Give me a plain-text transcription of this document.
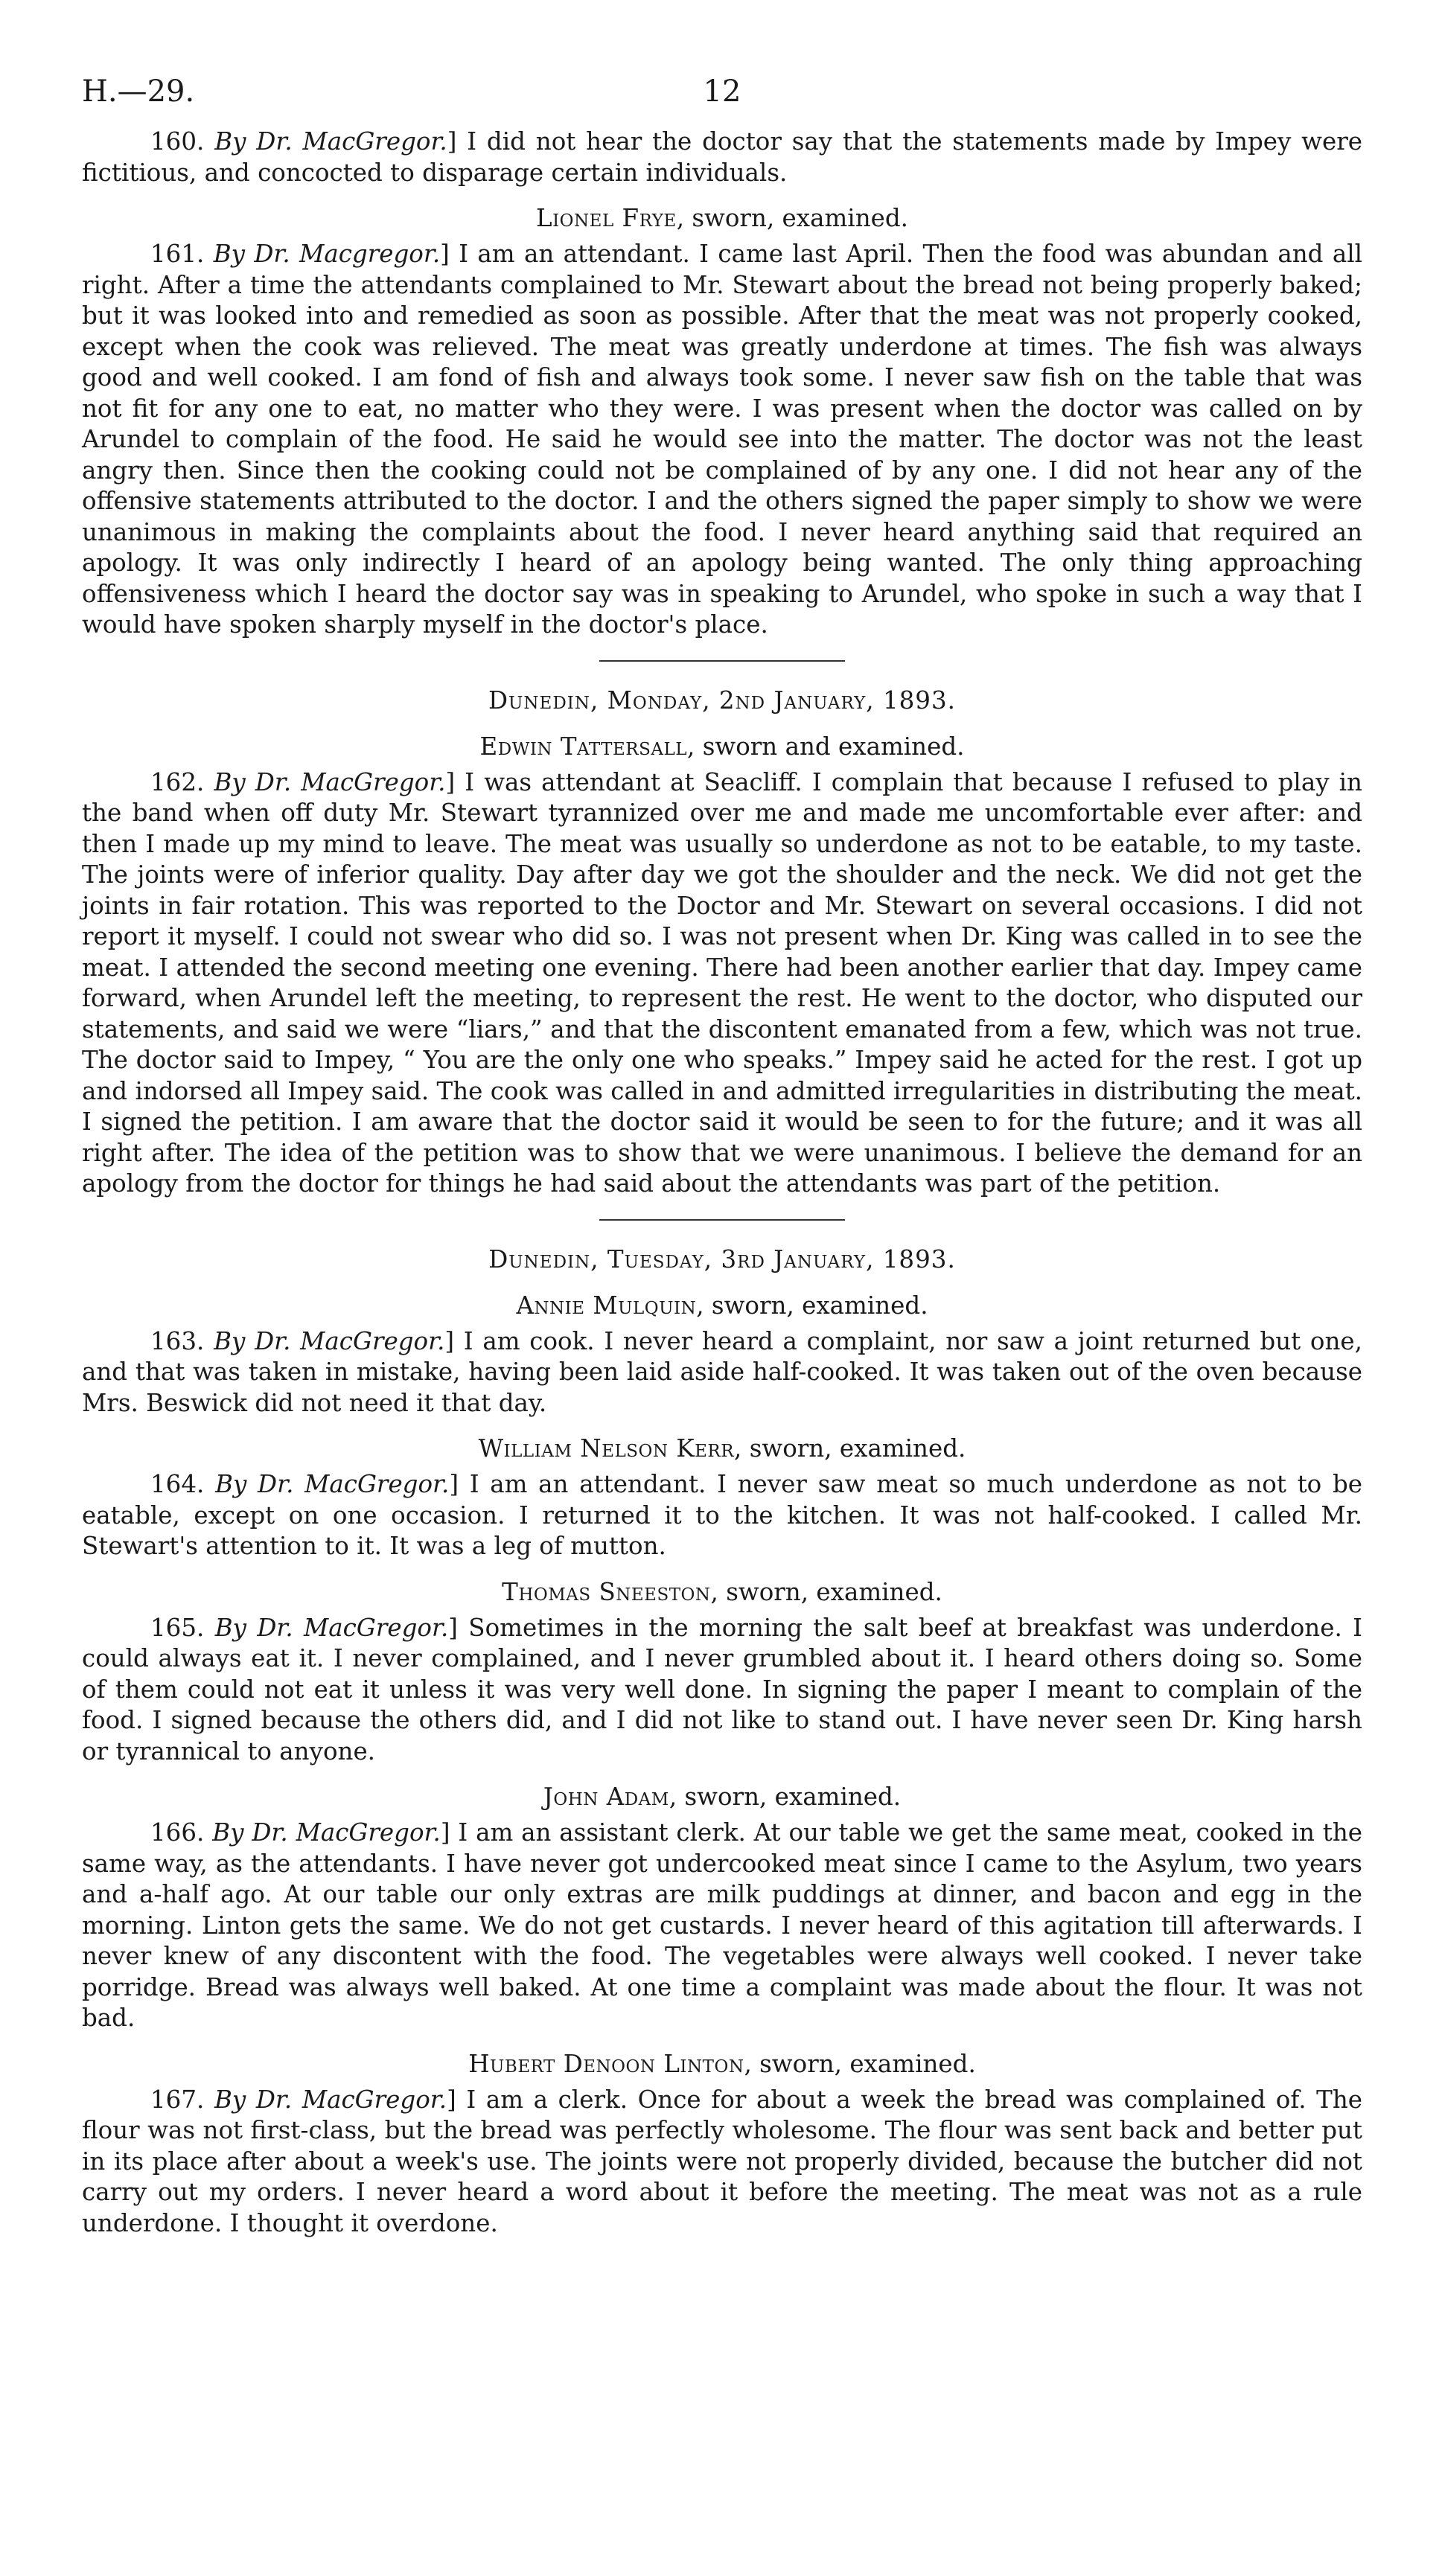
H.—29.	12

160. By Dr. MacGregor.] I did not hear the doctor say that the statements made by Impey were fictitious, and concocted to disparage certain individuals.

Lionel Frye, sworn, examined.

161. By Dr. Macgregor.] I am an attendant. I came last April. Then the food was abundan and all right. After a time the attendants complained to Mr. Stewart about the bread not being properly baked; but it was looked into and remedied as soon as possible. After that the meat was not properly cooked, except when the cook was relieved. The meat was greatly underdone at times. The fish was always good and well cooked. I am fond of fish and always took some. I never saw fish on the table that was not fit for any one to eat, no matter who they were. I was present when the doctor was called on by Arundel to complain of the food. He said he would see into the matter. The doctor was not the least angry then. Since then the cooking could not be complained of by any one. I did not hear any of the offensive statements attributed to the doctor. I and the others signed the paper simply to show we were unanimous in making the complaints about the food. I never heard anything said that required an apology. It was only indirectly I heard of an apology being wanted. The only thing approaching offensiveness which I heard the doctor say was in speaking to Arundel, who spoke in such a way that I would have spoken sharply myself in the doctor's place.

Dunedin, Monday, 2nd January, 1893.
Edwin Tattersall, sworn and examined.

162. By Dr. MacGregor.] I was attendant at Seacliff. I complain that because I refused to play in the band when off duty Mr. Stewart tyrannized over me and made me uncomfortable ever after: and then I made up my mind to leave. The meat was usually so underdone as not to be eatable, to my taste. The joints were of inferior quality. Day after day we got the shoulder and the neck. We did not get the joints in fair rotation. This was reported to the Doctor and Mr. Stewart on several occasions. I did not report it myself. I could not swear who did so. I was not present when Dr. King was called in to see the meat. I attended the second meeting one evening. There had been another earlier that day. Impey came forward, when Arundel left the meeting, to represent the rest. He went to the doctor, who disputed our statements, and said we were “liars,” and that the discontent emanated from a few, which was not true. The doctor said to Impey, “ You are the only one who speaks.” Impey said he acted for the rest. I got up and indorsed all Impey said. The cook was called in and admitted irregularities in distributing the meat. I signed the petition. I am aware that the doctor said it would be seen to for the future; and it was all right after. The idea of the petition was to show that we were unanimous. I believe the demand for an apology from the doctor for things he had said about the attendants was part of the petition.

Dunedin, Tuesday, 3rd January, 1893.
Annie Mulquin, sworn, examined.

163. By Dr. MacGregor.] I am cook. I never heard a complaint, nor saw a joint returned but one, and that was taken in mistake, having been laid aside half-cooked. It was taken out of the oven because Mrs. Beswick did not need it that day.

William Nelson Kerr, sworn, examined.

164. By Dr. MacGregor.] I am an attendant. I never saw meat so much underdone as not to be eatable, except on one occasion. I returned it to the kitchen. It was not half-cooked. I called Mr. Stewart's attention to it. It was a leg of mutton.

Thomas Sneeston, sworn, examined.

165. By Dr. MacGregor.] Sometimes in the morning the salt beef at breakfast was underdone. I could always eat it. I never complained, and I never grumbled about it. I heard others doing so. Some of them could not eat it unless it was very well done. In signing the paper I meant to complain of the food. I signed because the others did, and I did not like to stand out. I have never seen Dr. King harsh or tyrannical to anyone.

John Adam, sworn, examined.

166. By Dr. MacGregor.] I am an assistant clerk. At our table we get the same meat, cooked in the same way, as the attendants. I have never got undercooked meat since I came to the Asylum, two years and a-half ago. At our table our only extras are milk puddings at dinner, and bacon and egg in the morning. Linton gets the same. We do not get custards. I never heard of this agitation till afterwards. I never knew of any discontent with the food. The vegetables were always well cooked. I never take porridge. Bread was always well baked. At one time a complaint was made about the flour. It was not bad.

Hubert Denoon Linton, sworn, examined.

167. By Dr. MacGregor.] I am a clerk. Once for about a week the bread was complained of. The flour was not first-class, but the bread was perfectly wholesome. The flour was sent back and better put in its place after about a week's use. The joints were not properly divided, because the butcher did not carry out my orders. I never heard a word about it before the meeting. The meat was not as a rule underdone. I thought it overdone.
